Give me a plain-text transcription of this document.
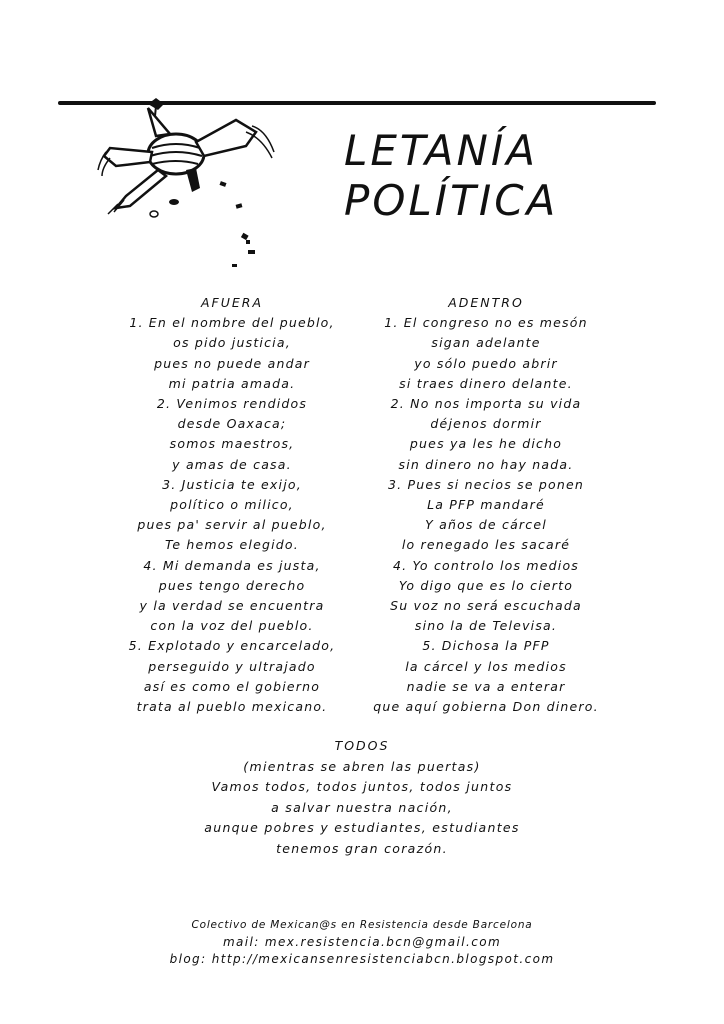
LETANÍA
POLÍTICA
AFUERA
1. En el nombre del pueblo,
os pido justicia,
pues no puede andar
mi patria amada.
2. Venimos rendidos
desde Oaxaca;
somos maestros,
y amas de casa.
3. Justicia te exijo,
político o milico,
pues pa' servir al pueblo,
Te hemos elegido.
4. Mi demanda es justa,
pues tengo derecho
y la verdad se encuentra
con la voz del pueblo.
5. Explotado y encarcelado,
perseguido y ultrajado
así es como el gobierno
trata al pueblo mexicano.
ADENTRO
1. El congreso no es mesón
sigan adelante
yo sólo puedo abrir
si traes dinero delante.
2. No nos importa su vida
déjenos dormir
pues ya les he dicho
sin dinero no hay nada.
3. Pues si necios se ponen
La PFP mandaré
Y años de cárcel
lo renegado les sacaré
4. Yo controlo los medios
Yo digo que es lo cierto
Su voz no será escuchada
sino la de Televisa.
5. Dichosa la PFP
la cárcel y los medios
nadie se va a enterar
que aquí gobierna Don dinero.
TODOS
(mientras se abren las puertas)
Vamos todos, todos juntos, todos juntos
a salvar nuestra nación,
aunque pobres y estudiantes, estudiantes
tenemos gran corazón.
Colectivo de Mexican@s en Resistencia desde Barcelona
mail: mex.resistencia.bcn@gmail.com
blog: http://mexicansenresistenciabcn.blogspot.com
